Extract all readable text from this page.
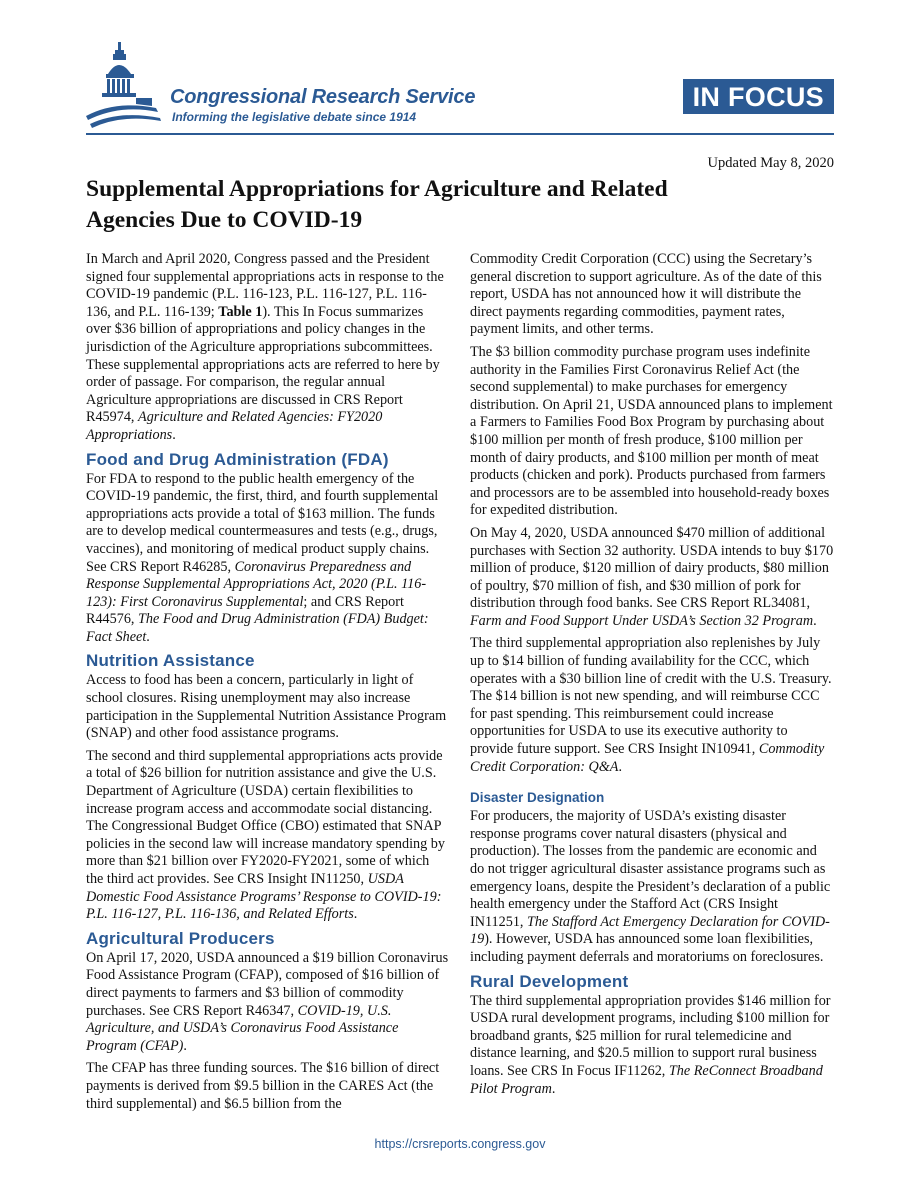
Congressional Research Service
Informing the legislative debate since 1914
IN FOCUS
Updated May 8, 2020
Supplemental Appropriations for Agriculture and Related Agencies Due to COVID-19

In March and April 2020, Congress passed and the President signed four supplemental appropriations acts in response to the COVID-19 pandemic (P.L. 116-123, P.L. 116-127, P.L. 116-136, and P.L. 116-139; Table 1). This In Focus summarizes over $36 billion of appropriations and policy changes in the jurisdiction of the Agriculture appropriations subcommittees. These supplemental appropriations acts are referred to here by order of passage. For comparison, the regular annual Agriculture appropriations are discussed in CRS Report R45974, Agriculture and Related Agencies: FY2020 Appropriations.

Food and Drug Administration (FDA)

For FDA to respond to the public health emergency of the COVID-19 pandemic, the first, third, and fourth supplemental appropriations acts provide a total of $163 million. The funds are to develop medical countermeasures and tests (e.g., drugs, vaccines), and monitoring of medical product supply chains. See CRS Report R46285, Coronavirus Preparedness and Response Supplemental Appropriations Act, 2020 (P.L. 116-123): First Coronavirus Supplemental; and CRS Report R44576, The Food and Drug Administration (FDA) Budget: Fact Sheet.

Nutrition Assistance

Access to food has been a concern, particularly in light of school closures. Rising unemployment may also increase participation in the Supplemental Nutrition Assistance Program (SNAP) and other food assistance programs.

The second and third supplemental appropriations acts provide a total of $26 billion for nutrition assistance and give the U.S. Department of Agriculture (USDA) certain flexibilities to increase program access and accommodate social distancing. The Congressional Budget Office (CBO) estimated that SNAP policies in the second law will increase mandatory spending by more than $21 billion over FY2020-FY2021, some of which the third act provides. See CRS Insight IN11250, USDA Domestic Food Assistance Programs’ Response to COVID-19: P.L. 116-127, P.L. 116-136, and Related Efforts.

Agricultural Producers

On April 17, 2020, USDA announced a $19 billion Coronavirus Food Assistance Program (CFAP), composed of $16 billion of direct payments to farmers and $3 billion of commodity purchases. See CRS Report R46347, COVID-19, U.S. Agriculture, and USDA’s Coronavirus Food Assistance Program (CFAP).

The CFAP has three funding sources. The $16 billion of direct payments is derived from $9.5 billion in the CARES Act (the third supplemental) and $6.5 billion from the

Commodity Credit Corporation (CCC) using the Secretary’s general discretion to support agriculture. As of the date of this report, USDA has not announced how it will distribute the direct payments regarding commodities, payment rates, payment limits, and other terms.

The $3 billion commodity purchase program uses indefinite authority in the Families First Coronavirus Relief Act (the second supplemental) to make purchases for emergency distribution. On April 21, USDA announced plans to implement a Farmers to Families Food Box Program by purchasing about $100 million per month of fresh produce, $100 million per month of dairy products, and $100 million per month of meat products (chicken and pork). Products purchased from farmers and processors are to be assembled into household-ready boxes for expedited distribution.

On May 4, 2020, USDA announced $470 million of additional purchases with Section 32 authority. USDA intends to buy $170 million of produce, $120 million of dairy products, $80 million of poultry, $70 million of fish, and $30 million of pork for distribution through food banks. See CRS Report RL34081, Farm and Food Support Under USDA’s Section 32 Program.

The third supplemental appropriation also replenishes by July up to $14 billion of funding availability for the CCC, which operates with a $30 billion line of credit with the U.S. Treasury. The $14 billion is not new spending, and will reimburse CCC for past spending. This reimbursement could increase opportunities for USDA to use its executive authority to provide future support. See CRS Insight IN10941, Commodity Credit Corporation: Q&A.

Disaster Designation

For producers, the majority of USDA’s existing disaster response programs cover natural disasters (physical and production). The losses from the pandemic are economic and do not trigger agricultural disaster assistance programs such as emergency loans, despite the President’s declaration of a public health emergency under the Stafford Act (CRS Insight IN11251, The Stafford Act Emergency Declaration for COVID-19). However, USDA has announced some loan flexibilities, including payment deferrals and moratoriums on foreclosures.

Rural Development

The third supplemental appropriation provides $146 million for USDA rural development programs, including $100 million for broadband grants, $25 million for rural telemedicine and distance learning, and $20.5 million to support rural business loans. See CRS In Focus IF11262, The ReConnect Broadband Pilot Program.

https://crsreports.congress.gov
